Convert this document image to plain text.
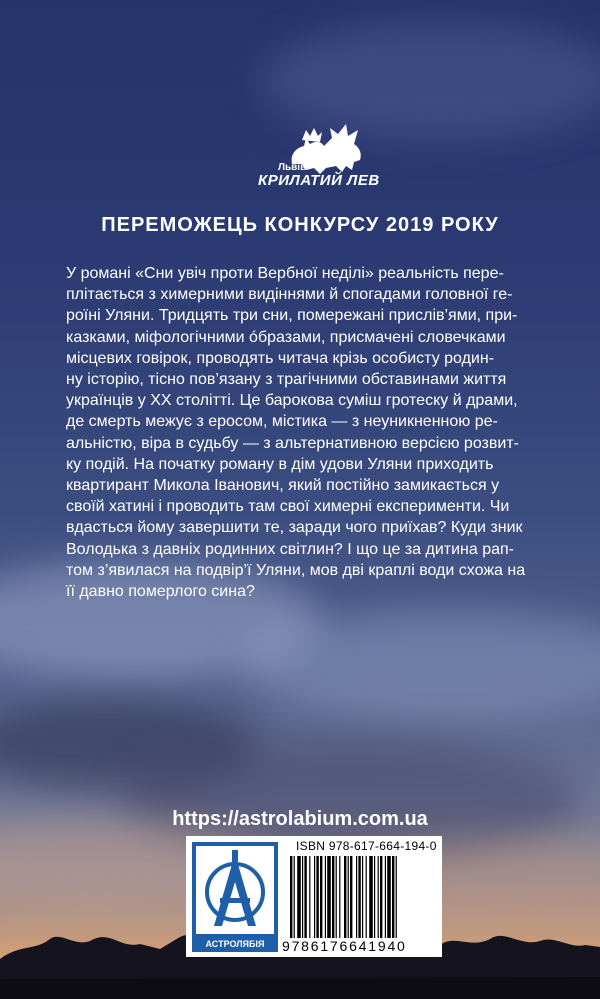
Львів
КРИЛАТИЙ ЛЕВ
ПЕРЕМОЖЕЦЬ КОНКУРСУ 2019 РОКУ
У романі «Сни увіч проти Вербної неділі» реальність пере-
плітається з химерними видіннями й спогадами головної ге-
роїні Уляни. Тридцять три сни, помережані прислів’ями, при-
казками, міфологічними óбразами, присмачені словечками
місцевих говірок, проводять читача крізь особисту родин-
ну історію, тісно пов’язану з трагічними обставинами життя
українців у ХХ столітті. Це барокова суміш гротеску й драми,
де смерть межує з еросом, містика — з неуникненною ре-
альністю, віра в судьбу — з альтернативною версією розвит-
ку подій. На початку роману в дім удови Уляни приходить
квартирант Микола Іванович, який постійно замикається у
своїй хатині і проводить там свої химерні експерименти. Чи
вдасться йому завершити те, заради чого приїхав? Куди зник
Володька з давніх родинних світлин? І що це за дитина рап-
том з’явилася на подвір’ї Уляни, мов дві краплі води схожа на
її давно померлого сина?
https://astrolabium.com.ua
АСТРОЛЯБІЯ
ISBN 978-617-664-194-0
9786176641940
